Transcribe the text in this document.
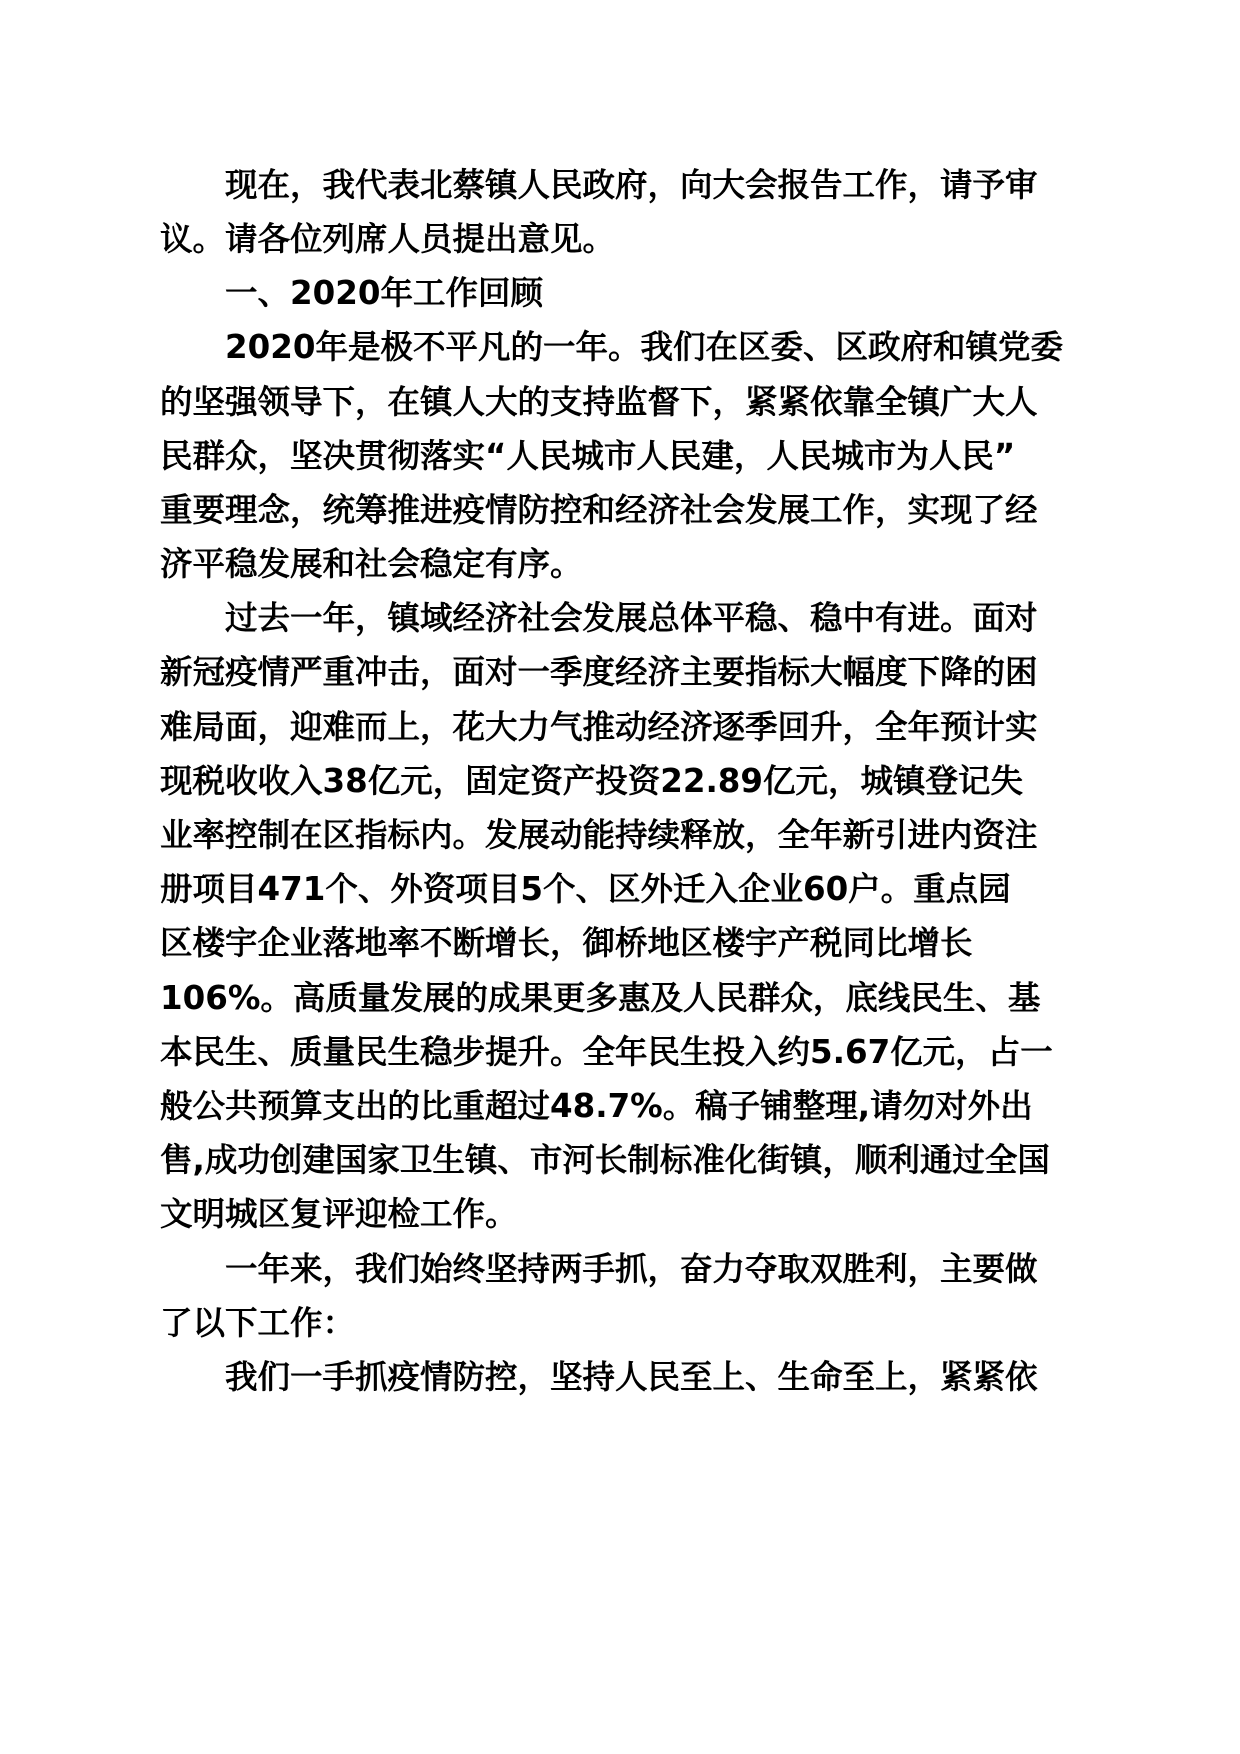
现在，我代表北蔡镇人民政府，向大会报告工作，请予审
议。请各位列席人员提出意见。
一、2020年工作回顾
2020年是极不平凡的一年。我们在区委、区政府和镇党委
的坚强领导下，在镇人大的支持监督下，紧紧依靠全镇广大人
民群众，坚决贯彻落实“人民城市人民建，人民城市为人民”
重要理念，统筹推进疫情防控和经济社会发展工作，实现了经
济平稳发展和社会稳定有序。
过去一年，镇域经济社会发展总体平稳、稳中有进。面对
新冠疫情严重冲击，面对一季度经济主要指标大幅度下降的困
难局面，迎难而上，花大力气推动经济逐季回升，全年预计实
现税收收入38亿元，固定资产投资22.89亿元，城镇登记失
业率控制在区指标内。发展动能持续释放，全年新引进内资注
册项目471个、外资项目5个、区外迁入企业60户。重点园
区楼宇企业落地率不断增长，御桥地区楼宇产税同比增长
106%。高质量发展的成果更多惠及人民群众，底线民生、基
本民生、质量民生稳步提升。全年民生投入约5.67亿元，占一
般公共预算支出的比重超过48.7%。稿子铺整理,请勿对外出
售,成功创建国家卫生镇、市河长制标准化街镇，顺利通过全国
文明城区复评迎检工作。
一年来，我们始终坚持两手抓，奋力夺取双胜利，主要做
了以下工作：
我们一手抓疫情防控，坚持人民至上、生命至上，紧紧依
